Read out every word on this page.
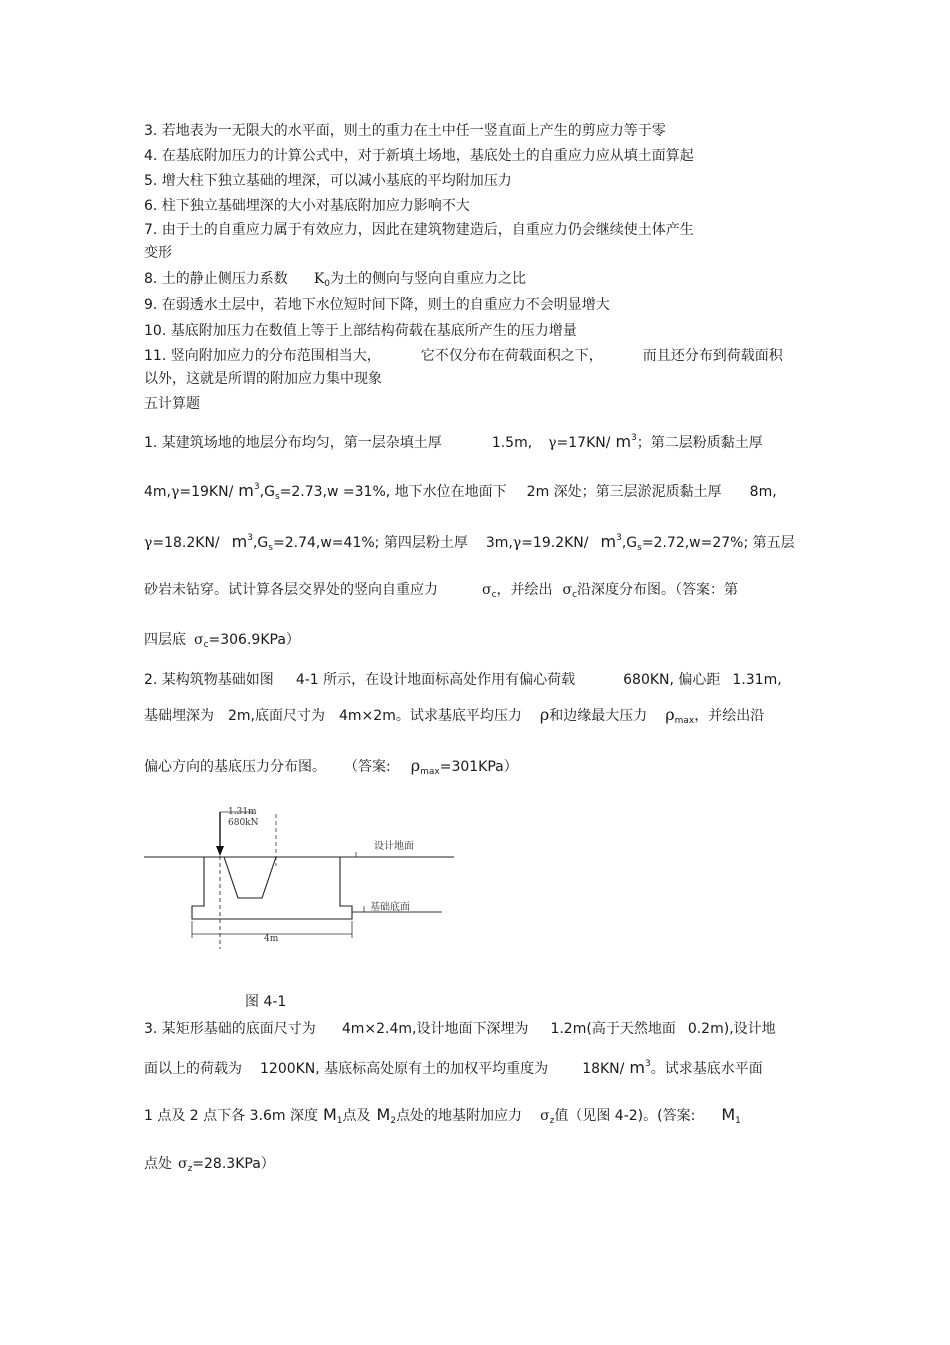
3. 若地表为一无限大的水平面，则土的重力在土中任一竖直面上产生的剪应力等于零
4. 在基底附加压力的计算公式中，对于新填土场地，基底处土的自重应力应从填土面算起
5. 增大柱下独立基础的埋深，可以减小基底的平均附加压力
6. 柱下独立基础埋深的大小对基底附加应力影响不大
7. 由于土的自重应力属于有效应力，因此在建筑物建造后，自重应力仍会继续使土体产生
变形
8. 土的静止侧压力系数 $K_0$为土的侧向与竖向自重应力之比
9. 在弱透水土层中，若地下水位短时间下降，则土的自重应力不会明显增大
10. 基底附加压力在数值上等于上部结构荷载在基底所产生的压力增量
11. 竖向附加应力的分布范围相当大，	它不仅分布在荷载面积之下，	而且还分布到荷载面积
以外，这就是所谓的附加应力集中现象
五计算题
1. 某建筑场地的地层分布均匀，第一层杂填土厚	1.5m, γ=17KN/ $m^3$；第二层粉质黏土厚
4m,γ=19KN/ $m^3,G_s=2.73,w =31\%$, 地下水位在地面下 2m 深处；第三层淤泥质黏土厚 8m,
γ=18.2KN/ $m^3,G_s=2.74,w=41\%$; 第四层粉土厚 3m,γ=19.2KN/ $m^3,G_s=2.72,w=27\%$; 第五层
砂岩未钻穿。试计算各层交界处的竖向自重应力	$\sigma_c$，并绘出 $\sigma_c$沿深度分布图。（答案：第
四层底 $\sigma_c=306.9KPa$）
2. 某构筑物基础如图 4-1 所示，在设计地面标高处作用有偏心荷载	680KN, 偏心距 1.31m,
基础埋深为 2m,底面尺寸为 4m×2m。试求基底平均压力 ρ和边缘最大压力 $\rho_{max}$，并绘出沿
偏心方向的基底压力分布图。 （答案: $\rho_{max}=301KPa$）
1.31m
680kN
设计地面
基础底面
4m
图 4-1
3. 某矩形基础的底面尺寸为 4m×2.4m,设计地面下深埋为 1.2m(高于天然地面 0.2m),设计地
面以上的荷载为 1200KN, 基底标高处原有土的加权平均重度为 18KN/ $m^3$。试求基底水平面
1 点及 2 点下各 3.6m 深度 $M_1$点及 $M_2$点处的地基附加应力 $\sigma_z$值（见图 4-2)。(答案: $M_1$
点处 $\sigma_z=28.3KPa$）
